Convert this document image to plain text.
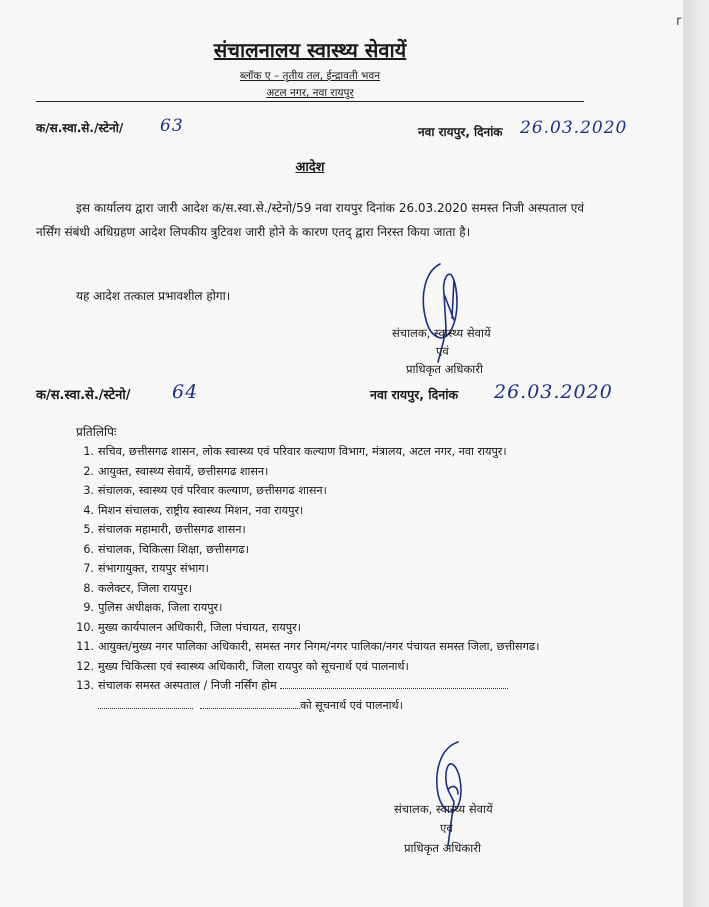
संचालनालय स्वास्थ्य सेवायें
ब्लॉक ए – तृतीय तल, ईन्द्रावती भवन
अटल नगर, नवा रायपुर
क/स.स्वा.से./स्टेनो/ 63	नवा रायपुर, दिनांक 26.03.2020
आदेश
इस कार्यालय द्वारा जारी आदेश क/स.स्वा.से./स्टेनो/59 नवा रायपुर दिनांक 26.03.2020 समस्त निजी अस्पताल एवं नर्सिंग संबंधी अधिग्रहण आदेश लिपकीय त्रुटिवश जारी होने के कारण एतद् द्वारा निरस्त किया जाता है।
यह आदेश तत्काल प्रभावशील होगा।
संचालक, स्वास्थ्य सेवायें
एवं
प्राधिकृत अधिकारी
क/स.स्वा.से./स्टेनो/ 64	नवा रायपुर, दिनांक 26.03.2020
प्रतिलिपिः
1. सचिव, छत्तीसगढ शासन, लोक स्वास्थ्य एवं परिवार कल्याण विभाग, मंत्रालय, अटल नगर, नवा रायपुर।
2. आयुक्त, स्वास्थ्य सेवायें, छत्तीसगढ शासन।
3. संचालक, स्वास्थ्य एवं परिवार कल्याण, छत्तीसगढ शासन।
4. मिशन संचालक, राष्ट्रीय स्वास्थ्य मिशन, नवा रायपुर।
5. संचालक महामारी, छत्तीसगढ शासन।
6. संचालक, चिकित्सा शिक्षा, छत्तीसगढ।
7. संभागायुक्त, रायपुर संभाग।
8. कलेक्टर, जिला रायपुर।
9. पुलिस अधीक्षक, जिला रायपुर।
10. मुख्य कार्यपालन अधिकारी, जिला पंचायत, रायपुर।
11. आयुक्त/मुख्य नगर पालिका अधिकारी, समस्त नगर निगम/नगर पालिका/नगर पंचायत समस्त जिला, छत्तीसगढ।
12. मुख्य चिकित्सा एवं स्वास्थ्य अधिकारी, जिला रायपुर को सूचनार्थ एवं पालनार्थ।
13. संचालक समस्त अस्पताल / निजी नर्सिंग होम
को सूचनार्थ एवं पालनार्थ।
संचालक, स्वास्थ्य सेवायें
एवं
प्राधिकृत अधिकारी
r
